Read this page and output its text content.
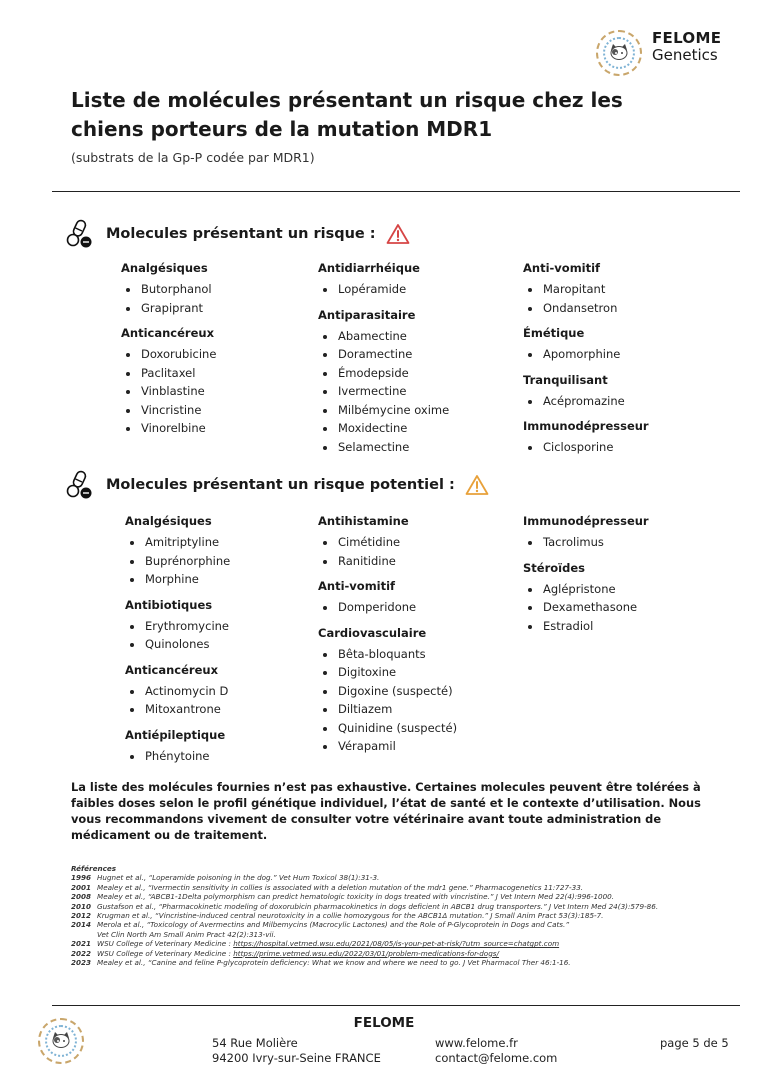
FELOME
Genetics
Liste de molécules présentant un risque chez les chiens porteurs de la mutation MDR1
(substrats de la Gp-P codée par MDR1)
Molecules présentant un risque :
Analgésiques
Butorphanol
Grapiprant
Anticancéreux
Doxorubicine
Paclitaxel
Vinblastine
Vincristine
Vinorelbine
Antidiarrhéique
Lopéramide
Antiparasitaire
Abamectine
Doramectine
Émodepside
Ivermectine
Milbémycine oxime
Moxidectine
Selamectine
Anti-vomitif
Maropitant
Ondansetron
Émétique
Apomorphine
Tranquilisant
Acépromazine
Immunodépresseur
Ciclosporine
Molecules présentant un risque potentiel :
Analgésiques
Amitriptyline
Buprénorphine
Morphine
Antibiotiques
Erythromycine
Quinolones
Anticancéreux
Actinomycin D
Mitoxantrone
Antiépileptique
Phénytoine
Antihistamine
Cimétidine
Ranitidine
Anti-vomitif
Domperidone
Cardiovasculaire
Bêta-bloquants
Digitoxine
Digoxine (suspecté)
Diltiazem
Quinidine (suspecté)
Vérapamil
Immunodépresseur
Tacrolimus
Stéroïdes
Aglépristone
Dexamethasone
Estradiol
La liste des molécules fournies n’est pas exhaustive. Certaines molecules peuvent être tolérées à faibles doses selon le profil génétique individuel, l’état de santé et le contexte d’utilisation. Nous vous recommandons vivement de consulter votre vétérinaire avant toute administration de médicament ou de traitement.
Références
1996 Hugnet et al., “Loperamide poisoning in the dog.” Vet Hum Toxicol 38(1):31-3.
2001 Mealey et al., “Ivermectin sensitivity in collies is associated with a deletion mutation of the mdr1 gene.” Pharmacogenetics 11:727-33.
2008 Mealey et al., “ABCB1-1Delta polymorphism can predict hematologic toxicity in dogs treated with vincristine.” J Vet Intern Med 22(4):996-1000.
2010 Gustafson et al., “Pharmacokinetic modeling of doxorubicin pharmacokinetics in dogs deficient in ABCB1 drug transporters.” J Vet Intern Med 24(3):579-86.
2012 Krugman et al., “Vincristine-induced central neurotoxicity in a collie homozygous for the ABCB1Δ mutation.” J Small Anim Pract 53(3):185-7.
2014 Merola et al., “Toxicology of Avermectins and Milbemycins (Macrocylic Lactones) and the Role of P-Glycoprotein in Dogs and Cats.”
Vet Clin North Am Small Anim Pract 42(2):313-vii.
2021 WSU College of Veterinary Medicine : https://hospital.vetmed.wsu.edu/2021/08/05/is-your-pet-at-risk/?utm_source=chatgpt.com
2022 WSU College of Veterinary Medicine : https://prime.vetmed.wsu.edu/2022/03/01/problem-medications-for-dogs/
2023 Mealey et al., “Canine and feline P-glycoprotein deficiency: What we know and where we need to go. J Vet Pharmacol Ther 46:1-16.
FELOME
54 Rue Molière
94200 Ivry-sur-Seine FRANCE
www.felome.fr
contact@felome.com
page 5 de 5
